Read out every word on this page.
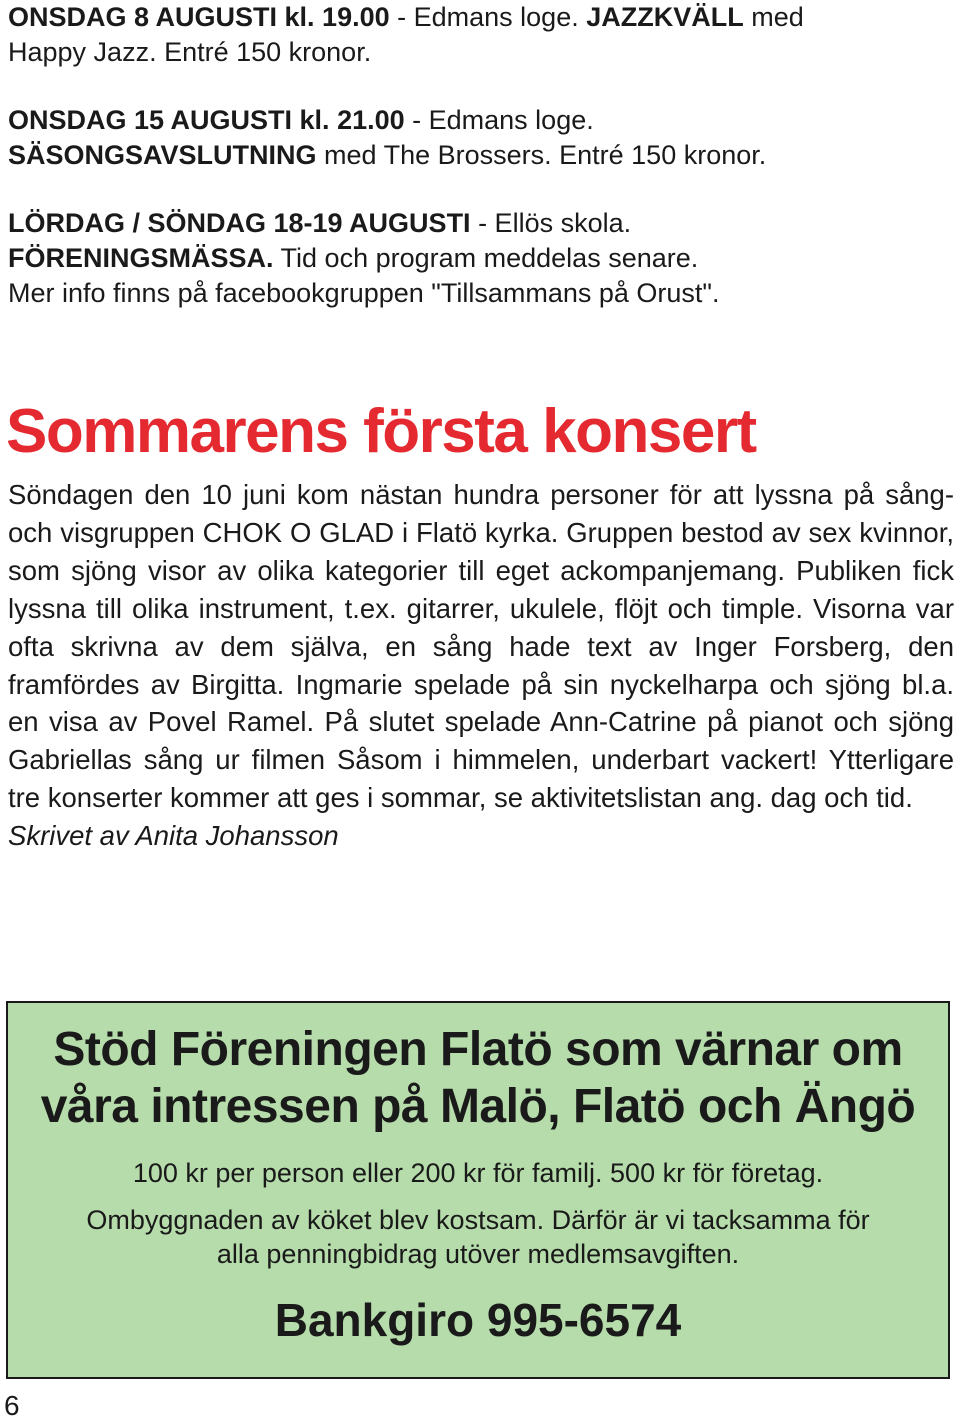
ONSDAG 8 AUGUSTI kl. 19.00 - Edmans loge. JAZZKVÄLL med

Happy Jazz. Entré 150 kronor.

ONSDAG 15 AUGUSTI kl. 21.00 - Edmans loge.

SÄSONGSAVSLUTNING med The Brossers. Entré 150 kronor.

LÖRDAG / SÖNDAG 18-19 AUGUSTI - Ellös skola.

FÖRENINGSMÄSSA. Tid och program meddelas senare.

Mer info finns på facebookgruppen "Tillsammans på Orust".

Sommarens första konsert

Söndagen den 10 juni kom nästan hundra personer för att lyssna på sång-och visgruppen CHOK O GLAD i Flatö kyrka. Gruppen bestod av sex kvinnor, som sjöng visor av olika kategorier till eget ackompanjemang. Publiken fick lyssna till olika instrument, t.ex. gitarrer, ukulele, flöjt och timple. Visorna var ofta skrivna av dem själva, en sång hade text av Inger Forsberg, den framfördes av Birgitta. Ingmarie spelade på sin nyckelharpa och sjöng bl.a. en visa av Povel Ramel. På slutet spelade Ann-Catrine på pianot och sjöng Gabriellas sång ur filmen Såsom i himmelen, underbart vackert! Ytterligare tre konserter kommer att ges i sommar, se aktivitetslistan ang. dag och tid.

Skrivet av Anita Johansson

Stöd Föreningen Flatö som värnar om
våra intressen på Malö, Flatö och Ängö
100 kr per person eller 200 kr för familj. 500 kr för företag.
Ombyggnaden av köket blev kostsam. Därför är vi tacksamma för
alla penningbidrag utöver medlemsavgiften.
Bankgiro 995-6574
6
